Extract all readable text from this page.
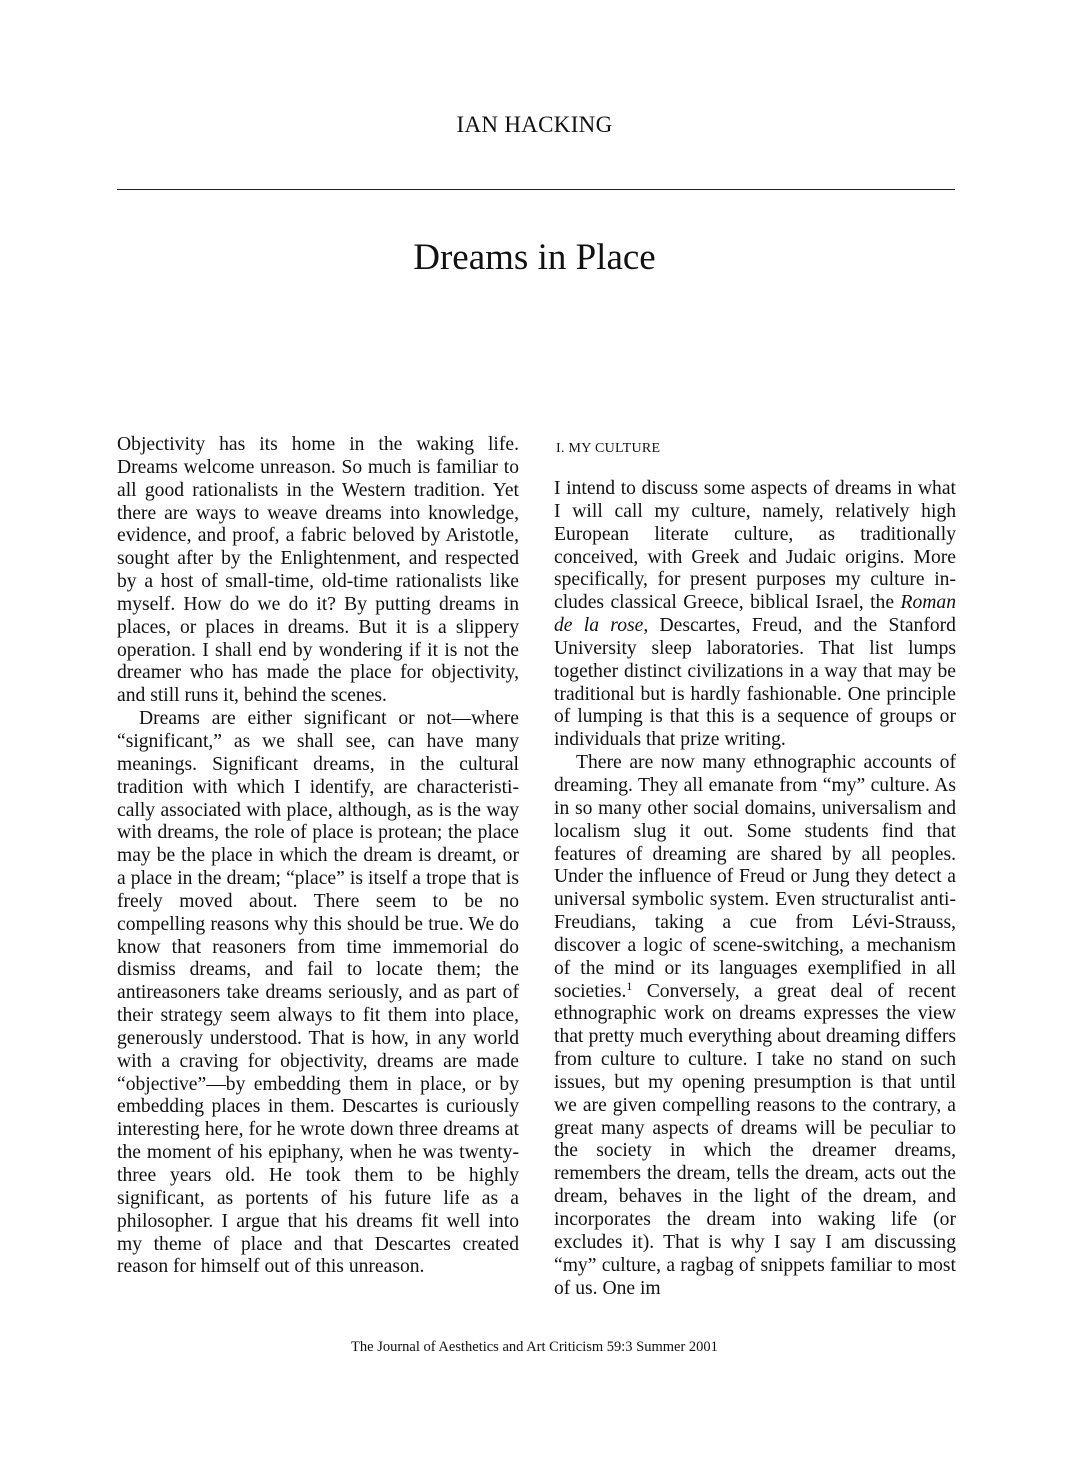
IAN HACKING
Dreams in Place

Objectivity has its home in the waking life. Dreams welcome unreason. So much is familiar to all good rationalists in the Western tradition. Yet there are ways to weave dreams into knowledge, evidence, and proof, a fabric beloved by Aristotle, sought after by the Enlightenment, and respected by a host of small-time, old-time rationalists like myself. How do we do it? By putting dreams in places, or places in dreams. But it is a slippery operation. I shall end by wondering if it is not the dreamer who has made the place for objectivity, and still runs it, behind the scenes.

Dreams are either significant or not—where “significant,” as we shall see, can have many meanings. Significant dreams, in the cultural tradition with which I identify, are characteristically associated with place, although, as is the way with dreams, the role of place is protean; the place may be the place in which the dream is dreamt, or a place in the dream; “place” is itself a trope that is freely moved about. There seem to be no compelling reasons why this should be true. We do know that reasoners from time immemorial do dismiss dreams, and fail to locate them; the antireasoners take dreams seriously, and as part of their strategy seem always to fit them into place, generously understood. That is how, in any world with a craving for objectivity, dreams are made “objective”—by embedding them in place, or by embedding places in them. Descartes is curiously interesting here, for he wrote down three dreams at the moment of his epiphany, when he was twenty-three years old. He took them to be highly significant, as portents of his future life as a philosopher. I argue that his dreams fit well into my theme of place and that Descartes created reason for himself out of this unreason.

I. MY CULTURE

I intend to discuss some aspects of dreams in what I will call my culture, namely, relatively high European literate culture, as traditionally conceived, with Greek and Judaic origins. More specifically, for present purposes my culture includes classical Greece, biblical Israel, the Roman de la rose, Descartes, Freud, and the Stanford University sleep laboratories. That list lumps together distinct civilizations in a way that may be traditional but is hardly fashionable. One principle of lumping is that this is a sequence of groups or individuals that prize writing.

There are now many ethnographic accounts of dreaming. They all emanate from “my” culture. As in so many other social domains, universalism and localism slug it out. Some students find that features of dreaming are shared by all peoples. Under the influence of Freud or Jung they detect a universal symbolic system. Even structuralist anti-Freudians, taking a cue from Lévi-Strauss, discover a logic of scene-switching, a mechanism of the mind or its languages exemplified in all societies.$^1$ Conversely, a great deal of recent ethnographic work on dreams expresses the view that pretty much everything about dreaming differs from culture to culture. I take no stand on such issues, but my opening presumption is that until we are given compelling reasons to the contrary, a great many aspects of dreams will be peculiar to the society in which the dreamer dreams, remembers the dream, tells the dream, acts out the dream, behaves in the light of the dream, and incorporates the dream into waking life (or excludes it). That is why I say I am discussing “my” culture, a ragbag of snippets familiar to most of us. One im

The Journal of Aesthetics and Art Criticism 59:3 Summer 2001
